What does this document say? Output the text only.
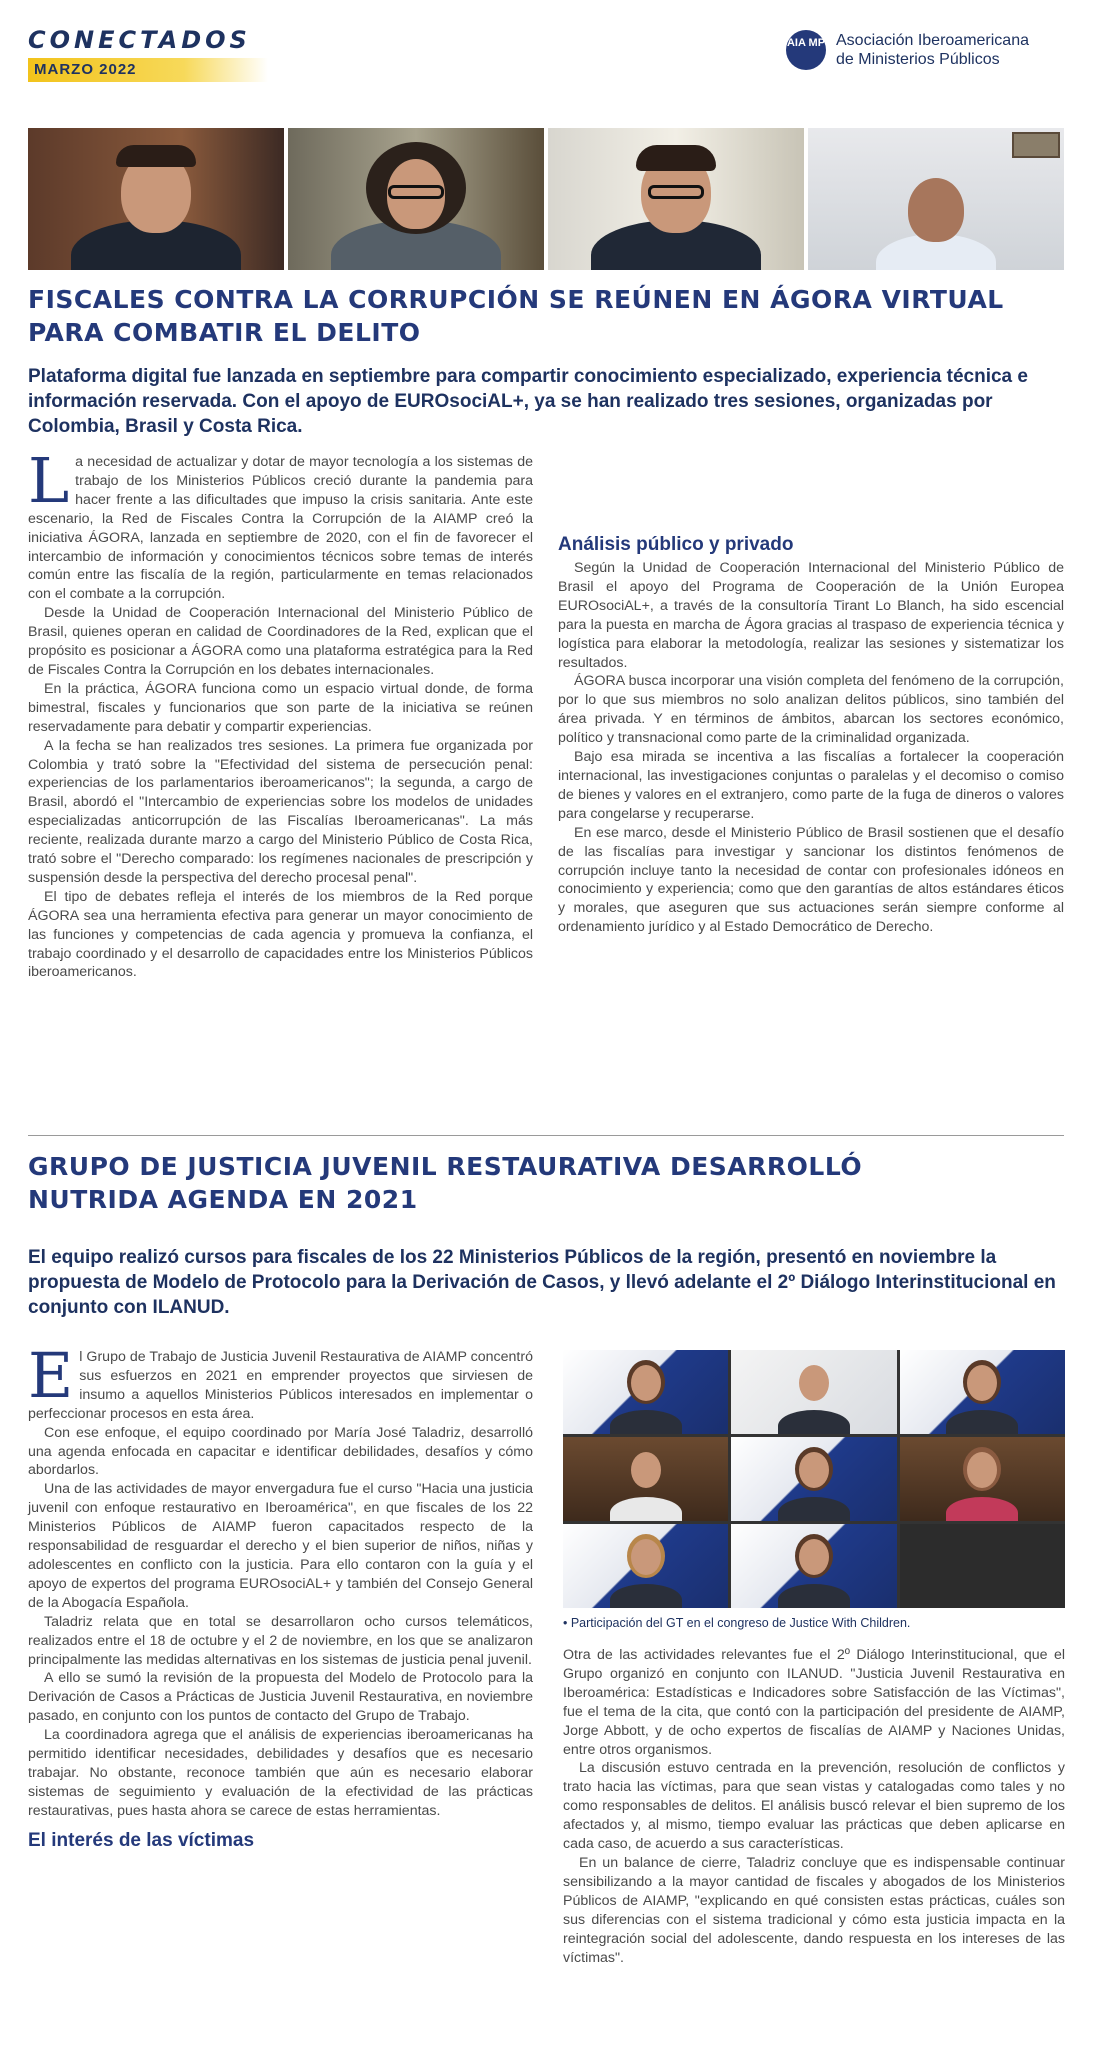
CONECTADOS
MARZO 2022
AIA MP Asociación Iberoamericana
de Ministerios Públicos
FISCALES CONTRA LA CORRUPCIÓN SE REÚNEN EN ÁGORA VIRTUAL
PARA COMBATIR EL DELITO

Plataforma digital fue lanzada en septiembre para compartir conocimiento especializado, experiencia técnica e información reservada. Con el apoyo de EUROsociAL+, ya se han realizado tres sesiones, organizadas por Colombia, Brasil y Costa Rica.

La necesidad de actualizar y dotar de mayor tecnología a los sistemas de trabajo de los Ministerios Públicos creció durante la pandemia para hacer frente a las dificultades que impuso la crisis sanitaria. Ante este escenario, la Red de Fiscales Contra la Corrupción de la AIAMP creó la iniciativa ÁGORA, lanzada en septiembre de 2020, con el fin de favorecer el intercambio de información y conocimientos técnicos sobre temas de interés común entre las fiscalía de la región, particularmente en temas relacionados con el combate a la corrupción.

Desde la Unidad de Cooperación Internacional del Ministerio Público de Brasil, quienes operan en calidad de Coordinadores de la Red, explican que el propósito es posicionar a ÁGORA como una plataforma estratégica para la Red de Fiscales Contra la Corrupción en los debates internacionales.

En la práctica, ÁGORA funciona como un espacio virtual donde, de forma bimestral, fiscales y funcionarios que son parte de la iniciativa se reúnen reservadamente para debatir y compartir experiencias.

A la fecha se han realizados tres sesiones. La primera fue organizada por Colombia y trató sobre la "Efectividad del sistema de persecución penal: experiencias de los parlamentarios iberoamericanos"; la segunda, a cargo de Brasil, abordó el "Intercambio de experiencias sobre los modelos de unidades especializadas anticorrupción de las Fiscalías Iberoamericanas". La más reciente, realizada durante marzo a cargo del Ministerio Público de Costa Rica, trató sobre el "Derecho comparado: los regímenes nacionales de prescripción y suspensión desde la perspectiva del derecho procesal penal".

El tipo de debates refleja el interés de los miembros de la Red porque ÁGORA sea una herramienta efectiva para generar un mayor conocimiento de las funciones y competencias de cada agencia y promueva la confianza, el trabajo coordinado y el desarrollo de capacidades entre los Ministerios Públicos iberoamericanos.

Análisis público y privado

Según la Unidad de Cooperación Internacional del Ministerio Público de Brasil el apoyo del Programa de Cooperación de la Unión Europea EUROsociAL+, a través de la consultoría Tirant Lo Blanch, ha sido escencial para la puesta en marcha de Ágora gracias al traspaso de experiencia técnica y logística para elaborar la metodología, realizar las sesiones y sistematizar los resultados.

ÁGORA busca incorporar una visión completa del fenómeno de la corrupción, por lo que sus miembros no solo analizan delitos públicos, sino también del área privada. Y en términos de ámbitos, abarcan los sectores económico, político y transnacional como parte de la criminalidad organizada.

Bajo esa mirada se incentiva a las fiscalías a fortalecer la cooperación internacional, las investigaciones conjuntas o paralelas y el decomiso o comiso de bienes y valores en el extranjero, como parte de la fuga de dineros o valores para congelarse y recuperarse.

En ese marco, desde el Ministerio Público de Brasil sostienen que el desafío de las fiscalías para investigar y sancionar los distintos fenómenos de corrupción incluye tanto la necesidad de contar con profesionales idóneos en conocimiento y experiencia; como que den garantías de altos estándares éticos y morales, que aseguren que sus actuaciones serán siempre conforme al ordenamiento jurídico y al Estado Democrático de Derecho.

GRUPO DE JUSTICIA JUVENIL RESTAURATIVA DESARROLLÓ
NUTRIDA AGENDA EN 2021

El equipo realizó cursos para fiscales de los 22 Ministerios Públicos de la región, presentó en noviembre la propuesta de Modelo de Protocolo para la Derivación de Casos, y llevó adelante el 2º Diálogo Interinstitucional en conjunto con ILANUD.

El Grupo de Trabajo de Justicia Juvenil Restaurativa de AIAMP concentró sus esfuerzos en 2021 en emprender proyectos que sirviesen de insumo a aquellos Ministerios Públicos interesados en implementar o perfeccionar procesos en esta área.

Con ese enfoque, el equipo coordinado por María José Taladriz, desarrolló una agenda enfocada en capacitar e identificar debilidades, desafíos y cómo abordarlos.

Una de las actividades de mayor envergadura fue el curso "Hacia una justicia juvenil con enfoque restaurativo en Iberoamérica", en que fiscales de los 22 Ministerios Públicos de AIAMP fueron capacitados respecto de la responsabilidad de resguardar el derecho y el bien superior de niños, niñas y adolescentes en conflicto con la justicia. Para ello contaron con la guía y el apoyo de expertos del programa EUROsociAL+ y también del Consejo General de la Abogacía Española.

Taladriz relata que en total se desarrollaron ocho cursos telemáticos, realizados entre el 18 de octubre y el 2 de noviembre, en los que se analizaron principalmente las medidas alternativas en los sistemas de justicia penal juvenil.

A ello se sumó la revisión de la propuesta del Modelo de Protocolo para la Derivación de Casos a Prácticas de Justicia Juvenil Restaurativa, en noviembre pasado, en conjunto con los puntos de contacto del Grupo de Trabajo.

La coordinadora agrega que el análisis de experiencias iberoamericanas ha permitido identificar necesidades, debilidades y desafíos que es necesario trabajar. No obstante, reconoce también que aún es necesario elaborar sistemas de seguimiento y evaluación de la efectividad de las prácticas restaurativas, pues hasta ahora se carece de estas herramientas.

El interés de las víctimas
• Participación del GT en el congreso de Justice With Children.

Otra de las actividades relevantes fue el 2º Diálogo Interinstitucional, que el Grupo organizó en conjunto con ILANUD. "Justicia Juvenil Restaurativa en Iberoamérica: Estadísticas e Indicadores sobre Satisfacción de las Víctimas", fue el tema de la cita, que contó con la participación del presidente de AIAMP, Jorge Abbott, y de ocho expertos de fiscalías de AIAMP y Naciones Unidas, entre otros organismos.

La discusión estuvo centrada en la prevención, resolución de conflictos y trato hacia las víctimas, para que sean vistas y catalogadas como tales y no como responsables de delitos. El análisis buscó relevar el bien supremo de los afectados y, al mismo, tiempo evaluar las prácticas que deben aplicarse en cada caso, de acuerdo a sus características.

En un balance de cierre, Taladriz concluye que es indispensable continuar sensibilizando a la mayor cantidad de fiscales y abogados de los Ministerios Públicos de AIAMP, "explicando en qué consisten estas prácticas, cuáles son sus diferencias con el sistema tradicional y cómo esta justicia impacta en la reintegración social del adolescente, dando respuesta en los intereses de las víctimas".
